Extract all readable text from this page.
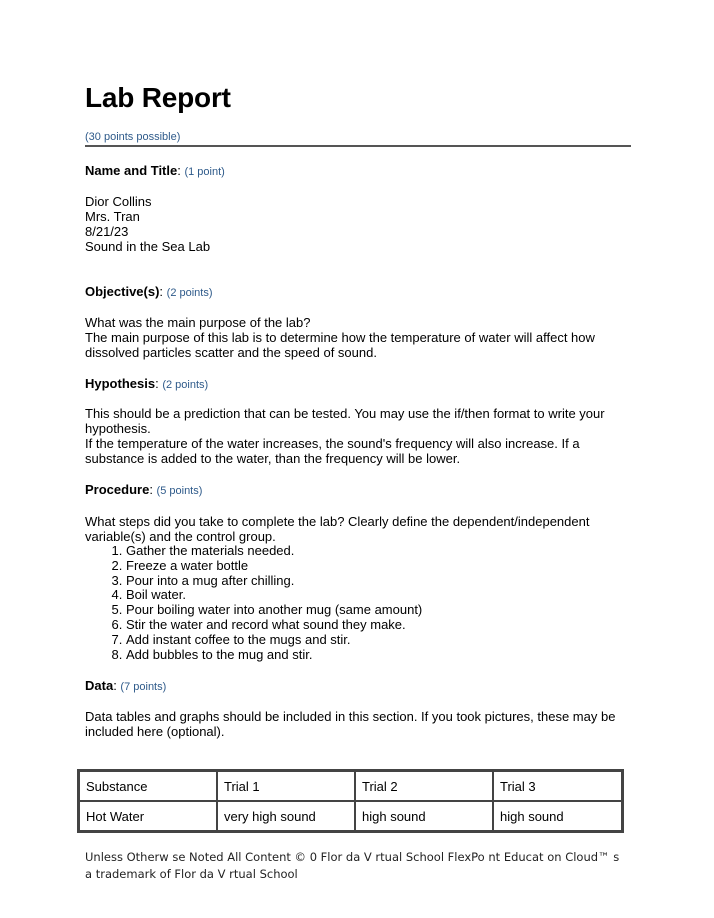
Lab Report
(30 points possible)
Name and Title: (1 point)
Dior Collins
Mrs. Tran
8/21/23
Sound in the Sea Lab
Objective(s): (2 points)
What was the main purpose of the lab?
The main purpose of this lab is to determine how the temperature of water will affect how dissolved particles scatter and the speed of sound.
Hypothesis: (2 points)
This should be a prediction that can be tested. You may use the if/then format to write your hypothesis.
If the temperature of the water increases, the sound's frequency will also increase. If a substance is added to the water, than the frequency will be lower.
Procedure: (5 points)
What steps did you take to complete the lab? Clearly define the dependent/independent variable(s) and the control group.
1. Gather the materials needed.
2. Freeze a water bottle
3. Pour into a mug after chilling.
4. Boil water.
5. Pour boiling water into another mug (same amount)
6. Stir the water and record what sound they make.
7. Add instant coffee to the mugs and stir.
8. Add bubbles to the mug and stir.
Data: (7 points)
Data tables and graphs should be included in this section. If you took pictures, these may be included here (optional).
Substance	Trial 1	Trial 2	Trial 3
Hot Water	very high sound	high sound	high sound
Unless Otherw se Noted All Content © 0 Flor da V rtual School FlexPo nt Educat on Cloud™ s a trademark of Flor da V rtual School
